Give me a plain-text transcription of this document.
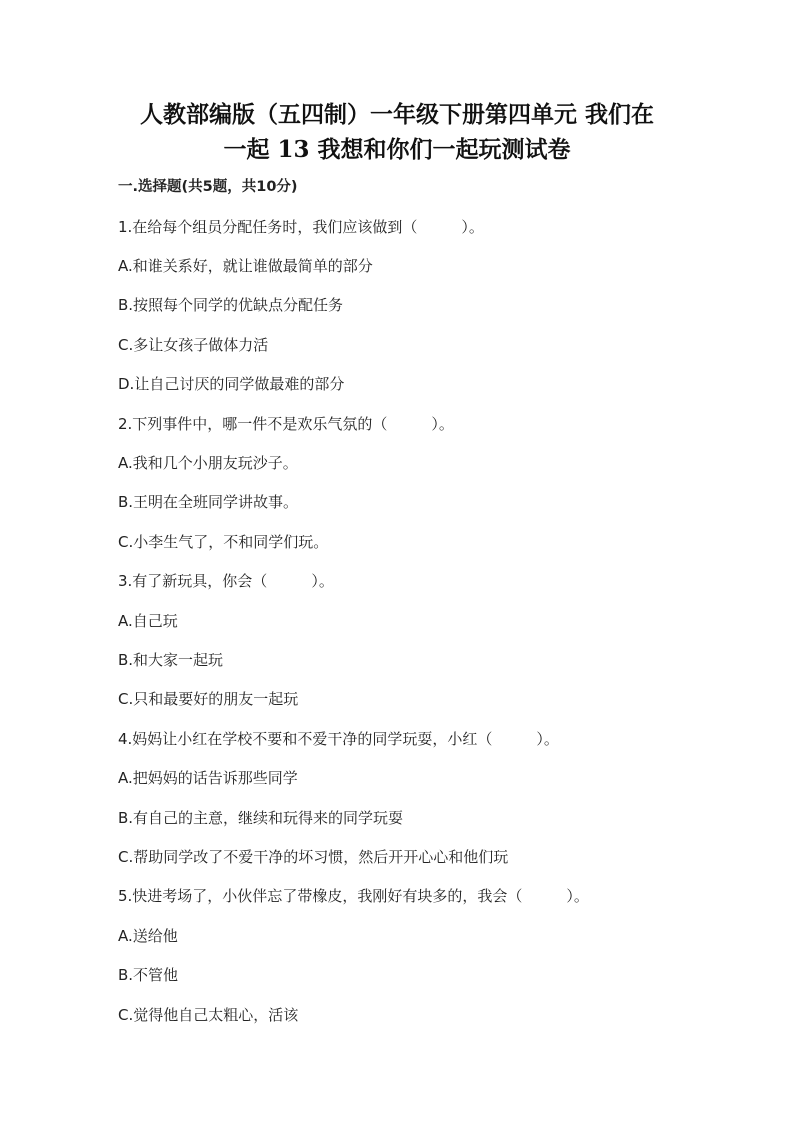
人教部编版（五四制）一年级下册第四单元 我们在
一起 13 我想和你们一起玩测试卷
一.选择题(共5题，共10分)
1.在给每个组员分配任务时，我们应该做到（	）。
A.和谁关系好，就让谁做最简单的部分
B.按照每个同学的优缺点分配任务
C.多让女孩子做体力活
D.让自己讨厌的同学做最难的部分
2.下列事件中，哪一件不是欢乐气氛的（	）。
A.我和几个小朋友玩沙子。
B.王明在全班同学讲故事。
C.小李生气了，不和同学们玩。
3.有了新玩具，你会（	）。
A.自己玩
B.和大家一起玩
C.只和最要好的朋友一起玩
4.妈妈让小红在学校不要和不爱干净的同学玩耍，小红（	）。
A.把妈妈的话告诉那些同学
B.有自己的主意，继续和玩得来的同学玩耍
C.帮助同学改了不爱干净的坏习惯，然后开开心心和他们玩
5.快进考场了，小伙伴忘了带橡皮，我刚好有块多的，我会（	）。
A.送给他
B.不管他
C.觉得他自己太粗心，活该
